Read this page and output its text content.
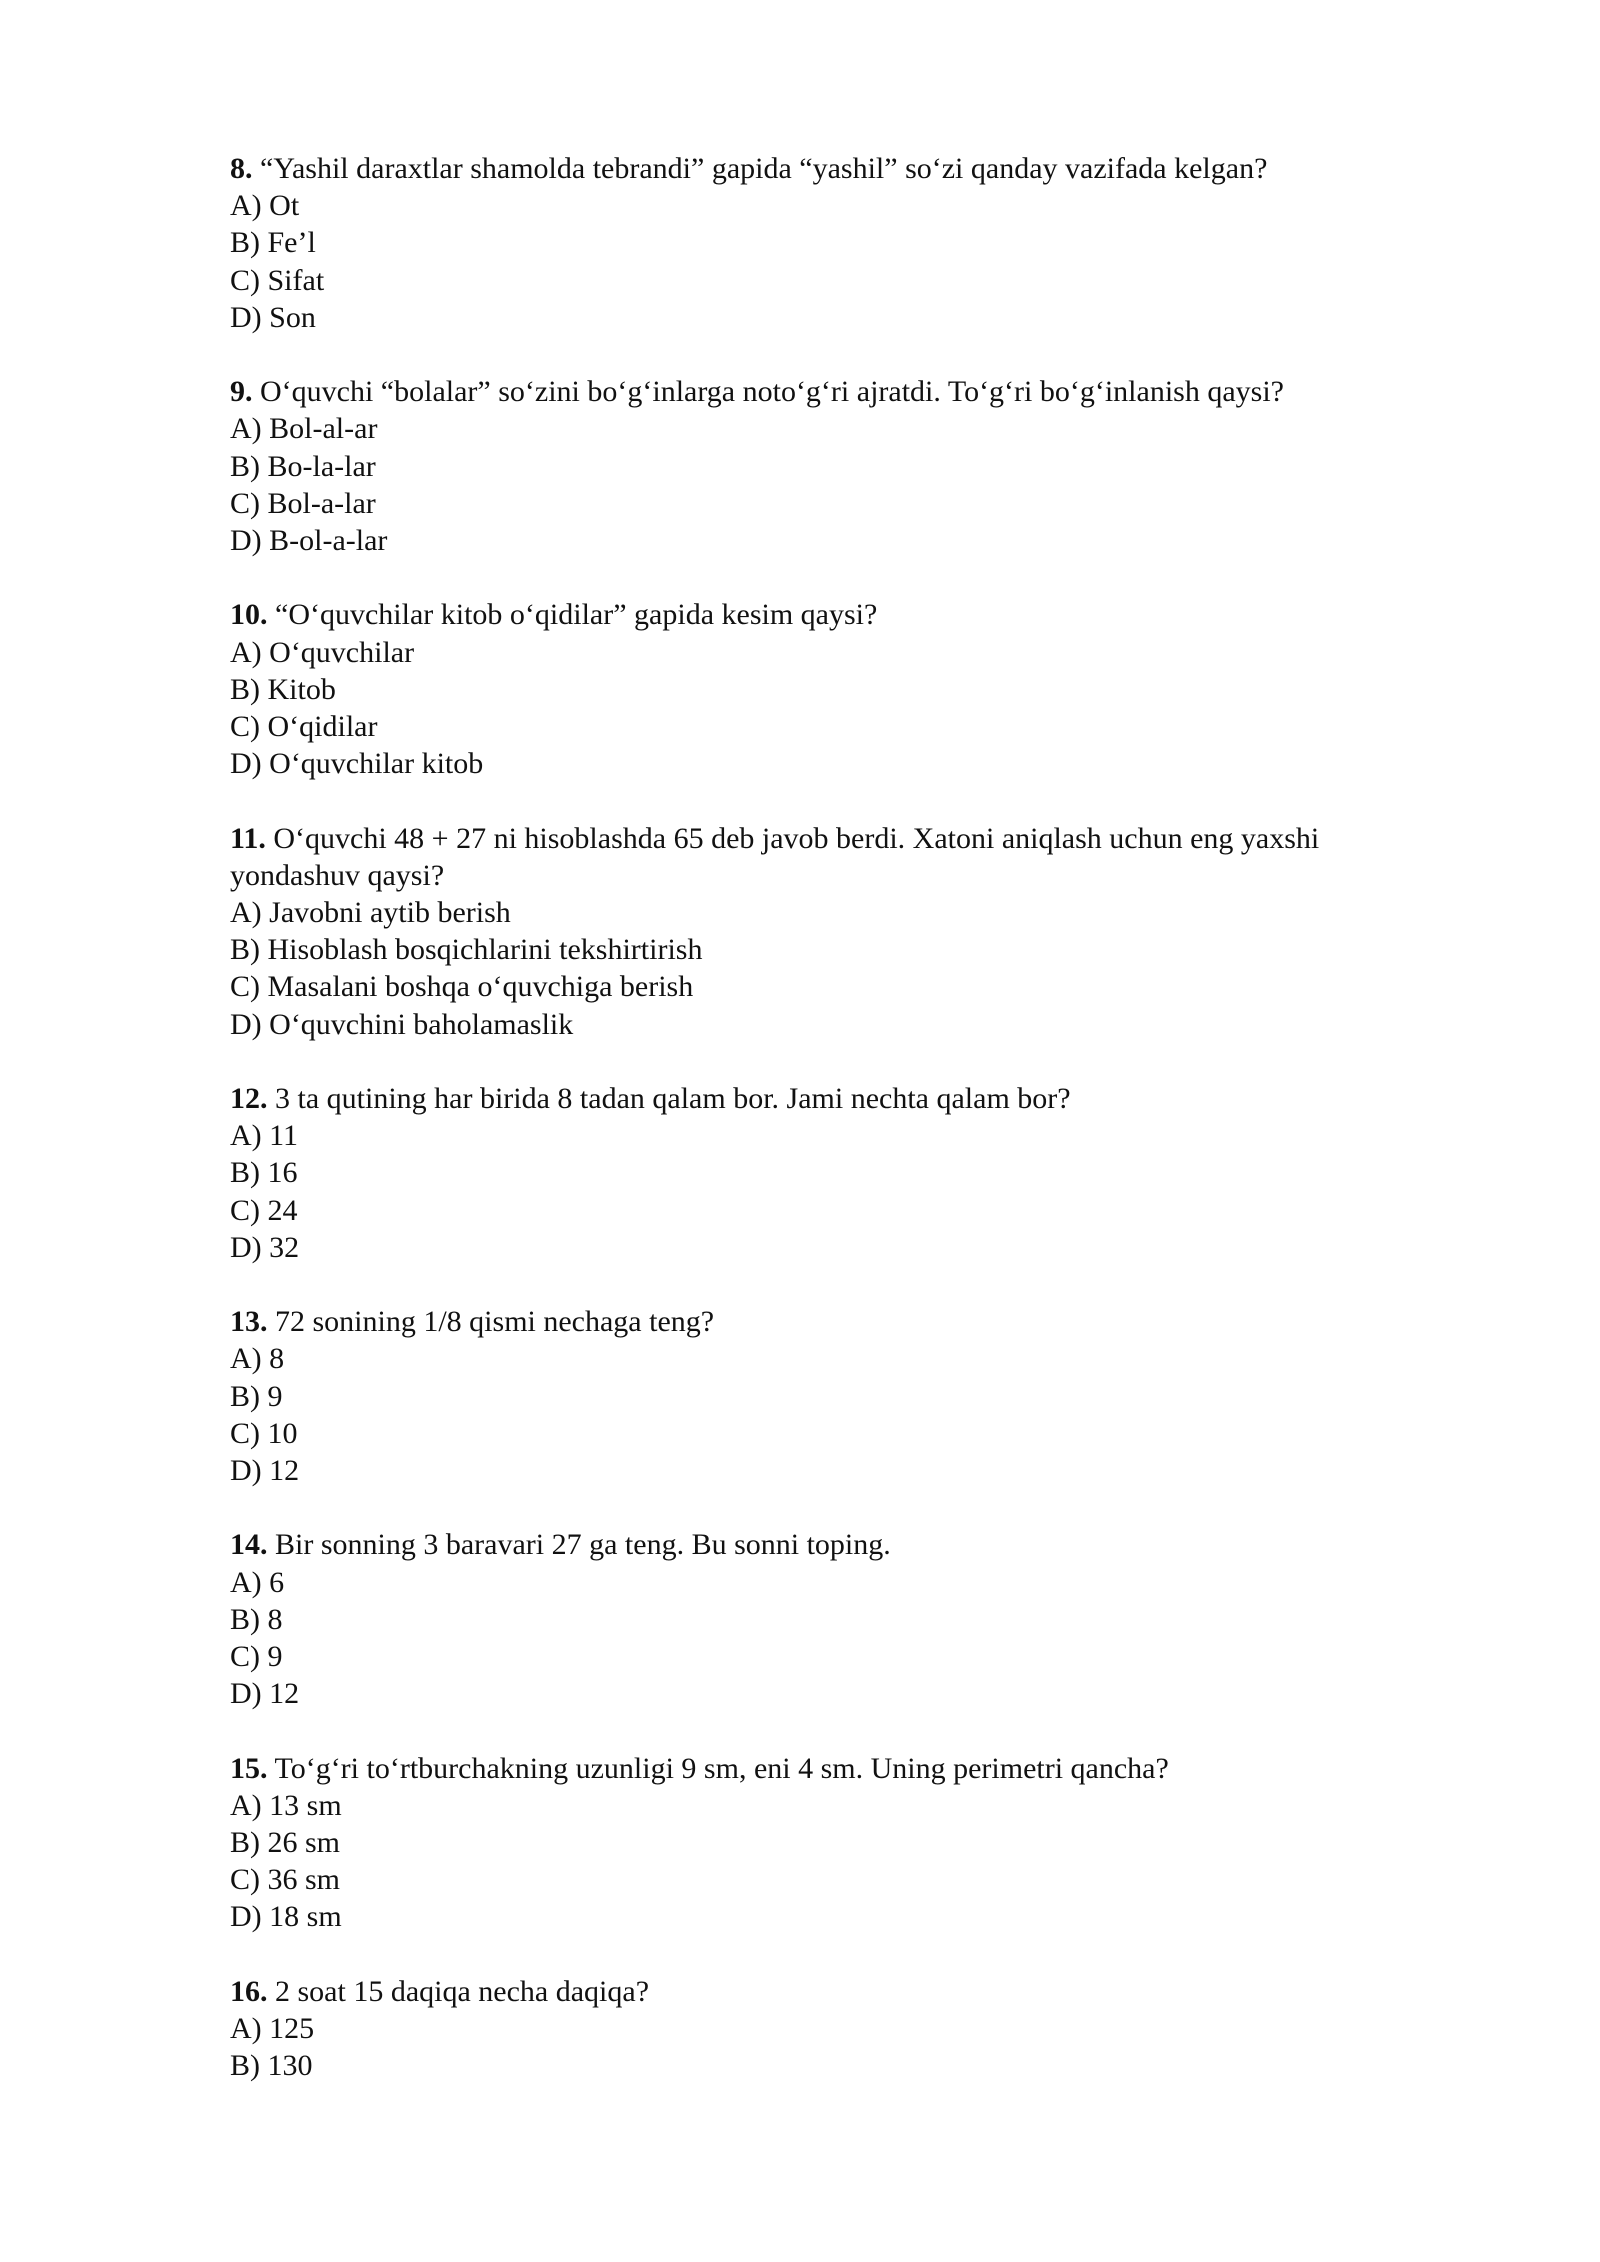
8. “Yashil daraxtlar shamolda tebrandi” gapida “yashil” so‘zi qanday vazifada kelgan?

A) Ot
B) Fe’l
C) Sifat
D) Son

9. O‘quvchi “bolalar” so‘zini bo‘g‘inlarga noto‘g‘ri ajratdi. To‘g‘ri bo‘g‘inlanish qaysi?

A) Bol-al-ar
B) Bo-la-lar
C) Bol-a-lar
D) B-ol-a-lar

10. “O‘quvchilar kitob o‘qidilar” gapida kesim qaysi?

A) O‘quvchilar
B) Kitob
C) O‘qidilar
D) O‘quvchilar kitob

11. O‘quvchi 48 + 27 ni hisoblashda 65 deb javob berdi. Xatoni aniqlash uchun eng yaxshi yondashuv qaysi?

A) Javobni aytib berish
B) Hisoblash bosqichlarini tekshirtirish
C) Masalani boshqa o‘quvchiga berish
D) O‘quvchini baholamaslik

12. 3 ta qutining har birida 8 tadan qalam bor. Jami nechta qalam bor?

A) 11
B) 16
C) 24
D) 32

13. 72 sonining 1/8 qismi nechaga teng?

A) 8
B) 9
C) 10
D) 12

14. Bir sonning 3 baravari 27 ga teng. Bu sonni toping.

A) 6
B) 8
C) 9
D) 12

15. To‘g‘ri to‘rtburchakning uzunligi 9 sm, eni 4 sm. Uning perimetri qancha?

A) 13 sm
B) 26 sm
C) 36 sm
D) 18 sm

16. 2 soat 15 daqiqa necha daqiqa?

A) 125
B) 130
